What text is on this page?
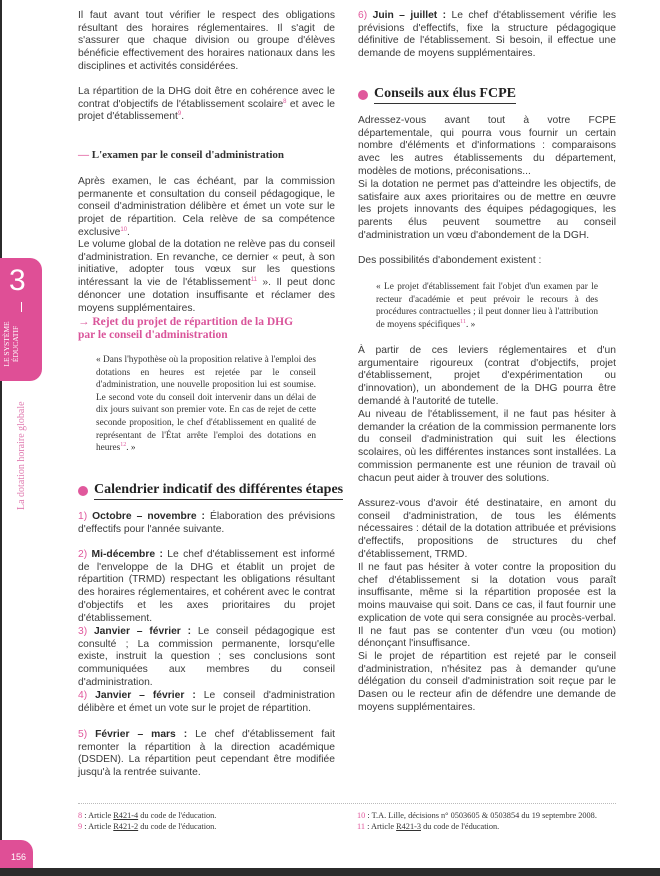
3
LE SYSTÈME
ÉDUCATIF
La dotation horaire globale

Il faut avant tout vérifier le respect des obligations résultant des horaires réglementaires. Il s'agit de s'assurer que chaque division ou groupe d'élèves bénéficie effectivement des horaires nationaux dans les disciplines et activités considérées.

La répartition de la DHG doit être en cohérence avec le contrat d'objectifs de l'établissement scolaire$^8$ et avec le projet d'établissement$^9$.

— L'examen par le conseil d'administration

Après examen, le cas échéant, par la commission permanente et consultation du conseil pédagogique, le conseil d'administration délibère et émet un vote sur le projet de répartition. Cela relève de sa compétence exclusive$^{10}$.

Le volume global de la dotation ne relève pas du conseil d'administration. En revanche, ce dernier « peut, à son initiative, adopter tous vœux sur les questions intéressant la vie de l'établissement$^{11}$ ». Il peut donc dénoncer une dotation insuffisante et réclamer des moyens supplémentaires.

→ Rejet du projet de répartition de la DHG par le conseil d'administration

« Dans l'hypothèse où la proposition relative à l'emploi des dotations en heures est rejetée par le conseil d'administration, une nouvelle proposition lui est soumise. Le second vote du conseil doit intervenir dans un délai de dix jours suivant son premier vote. En cas de rejet de cette seconde proposition, le chef d'établissement en qualité de représentant de l'État arrête l'emploi des dotations en heures$^{12}$. »

Calendrier indicatif des différentes étapes

1) Octobre – novembre : Élaboration des prévisions d'effectifs pour l'année suivante.

2) Mi-décembre : Le chef d'établissement est informé de l'enveloppe de la DHG et établit un projet de répartition (TRMD) respectant les obligations résultant des horaires réglementaires, et cohérent avec le contrat d'objectifs et les axes prioritaires du projet d'établissement.

3) Janvier – février : Le conseil pédagogique est consulté ; La commission permanente, lorsqu'elle existe, instruit la question ; ses conclusions sont communiquées aux membres du conseil d'administration.

4) Janvier – février : Le conseil d'administration délibère et émet un vote sur le projet de répartition.

5) Février – mars : Le chef d'établissement fait remonter la répartition à la direction académique (DSDEN). La répartition peut cependant être modifiée jusqu'à la rentrée suivante.

6) Juin – juillet : Le chef d'établissement vérifie les prévisions d'effectifs, fixe la structure pédagogique définitive de l'établissement. Si besoin, il effectue une demande de moyens supplémentaires.

Conseils aux élus FCPE

Adressez-vous avant tout à votre FCPE départementale, qui pourra vous fournir un certain nombre d'éléments et d'informations : comparaisons avec les autres établissements du département, modèles de motions, préconisations...

Si la dotation ne permet pas d'atteindre les objectifs, de satisfaire aux axes prioritaires ou de mettre en œuvre les projets innovants des équipes pédagogiques, les parents élus peuvent soumettre au conseil d'administration un vœu d'abondement de la DGH.

Des possibilités d'abondement existent :

« Le projet d'établissement fait l'objet d'un examen par le recteur d'académie et peut prévoir le recours à des procédures contractuelles ; il peut donner lieu à l'attribution de moyens spécifiques$^{11}$. »

À partir de ces leviers réglementaires et d'un argumentaire rigoureux (contrat d'objectifs, projet d'établissement, projet d'expérimentation ou d'innovation), un abondement de la DHG pourra être demandé à l'autorité de tutelle.

Au niveau de l'établissement, il ne faut pas hésiter à demander la création de la commission permanente lors du conseil d'administration qui suit les élections scolaires, où les différentes instances sont installées. La commission permanente est une réunion de travail où chacun peut aider à trouver des solutions.

Assurez-vous d'avoir été destinataire, en amont du conseil d'administration, de tous les éléments nécessaires : détail de la dotation attribuée et prévisions d'effectifs, propositions de structures du chef d'établissement, TRMD.

Il ne faut pas hésiter à voter contre la proposition du chef d'établissement si la dotation vous paraît insuffisante, même si la répartition proposée est la moins mauvaise qui soit. Dans ce cas, il faut fournir une explication de vote qui sera consignée au procès-verbal. Il ne faut pas se contenter d'un vœu (ou motion) dénonçant l'insuffisance.

Si le projet de répartition est rejeté par le conseil d'administration, n'hésitez pas à demander qu'une délégation du conseil d'administration soit reçue par le Dasen ou le recteur afin de défendre une demande de moyens supplémentaires.

8 : Article R421-4 du code de l'éducation.
9 : Article R421-2 du code de l'éducation.
10 : T.A. Lille, décisions n° 0503605 & 0503854 du 19 septembre 2008.
11 : Article R421-3 du code de l'éducation.
156
